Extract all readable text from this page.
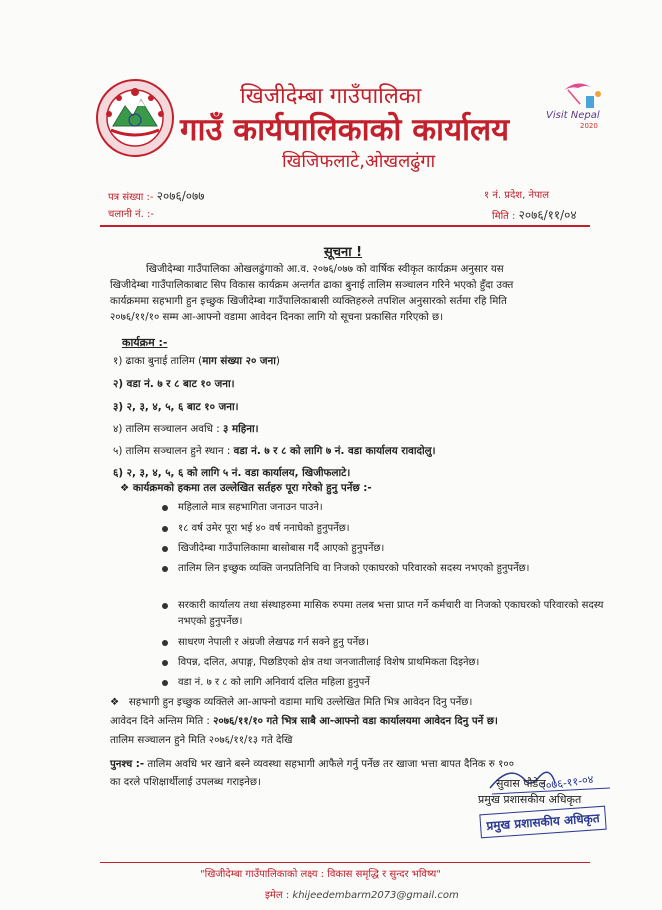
खिजीदेम्बा गाउँपालिका
गाउँ कार्यपालिकाको कार्यालय
खिजिफलाटे,ओखलढुंगा
Visit Nepal
2020
पत्र संख्या :- २०७६/०७७
चलानी नं. :-
१ नं. प्रदेश, नेपाल
मिति : २०७६/११/०४
सूचना !
खिजीदेम्बा गाउँपालिका ओखलढुंगाको आ.व. २०७६/०७७ को वार्षिक स्वीकृत कार्यक्रम अनुसार यस
खिजीदेम्बा गाउँपालिकाबाट सिप विकास कार्यक्रम अन्तर्गत ढाका बुनाई तालिम सञ्चालन गरिने भएको हुँदा उक्त
कार्यक्रममा सहभागी हुन इच्छुक खिजीदेम्बा गाउँपालिकाबासी व्यक्तिहरुले तपशिल अनुसारको सर्तमा रहि मिति
२०७६/११/१० सम्म आ-आफ्नो वडामा आवेदन दिनका लागि यो सूचना प्रकासित गरिएको छ।
कार्यक्रम :-
१) ढाका बुनाई तालिम (माग संख्या २० जना)
२) वडा नं. ७ र ८ बाट १० जना।
३) २, ३, ४, ५, ६ बाट १० जना।
४) तालिम सञ्चालन अवधि : ३ महिना।
५) तालिम सञ्चालन हुने स्थान : वडा नं. ७ र ८ को लागि ७ नं. वडा कार्यालय रावादोलु।
६) २, ३, ४, ५, ६ को लागि ५ नं. वडा कार्यालय, खिजीफलाटे।
❖ कार्यक्रमको हकमा तल उल्लेखित सर्तहरु पूरा गरेको हुनु पर्नेछ :-
महिलाले मात्र सहभागिता जनाउन पाउने।
१८ वर्ष उमेर पूरा भई ४० वर्ष ननाघेको हुनुपर्नेछ।
खिजीदेम्बा गाउँपालिकामा बासोबास गर्दै आएको हुनुपर्नेछ।
तालिम लिन इच्छुक व्यक्ति जनप्रतिनिधि वा निजको एकाघरको परिवारको सदस्य नभएको हुनुपर्नेछ।
सरकारी कार्यालय तथा संस्थाहरुमा मासिक रुपमा तलब भत्ता प्राप्त गर्ने कर्मचारी वा निजको एकाघरको परिवारको सदस्य नभएको हुनुपर्नेछ।
साधरण नेपाली र अंग्रजी लेखपढ गर्न सक्ने हुनु पर्नेछ।
विपन्न, दलित, अपाङ्ग, पिछडिएको क्षेत्र तथा जनजातीलाई विशेष प्राथमिकता दिइनेछ।
वडा नं. ७ र ८ को लागि अनिवार्य दलित महिला हुनुपर्ने
❖   सहभागी हुन इच्छुक व्यक्तिले आ-आफ्नो वडामा माथि उल्लेखित मिति भित्र आवेदन दिनु पर्नेछ।
आवेदन दिने अन्तिम मिति : २०७६/११/१० गते भित्र साबै आ-आफ्नो वडा कार्यालयमा आवेदन दिनु पर्ने छ।
तालिम सञ्चालन हुने मिति २०७६/११/१३ गते देखि
पुनश्च :- तालिम अवधि भर खाने बस्ने व्यवस्था सहभागी आफैले गर्नु पर्नेछ तर खाजा भत्ता बापत दैनिक रु १००
का दरले पशिक्षार्थीलाई उपलब्ध गराइनेछ।	२०७६-११-०४
सुवास पौडेल
प्रमुख प्रशासकीय अधिकृत
प्रमुख प्रशासकीय अधिकृत
"खिजीदेम्बा गाउँपालिकाको लक्ष्य : विकास समृद्धि र सुन्दर भविष्य"
इमेल : khijeedembarm2073@gmail.com
